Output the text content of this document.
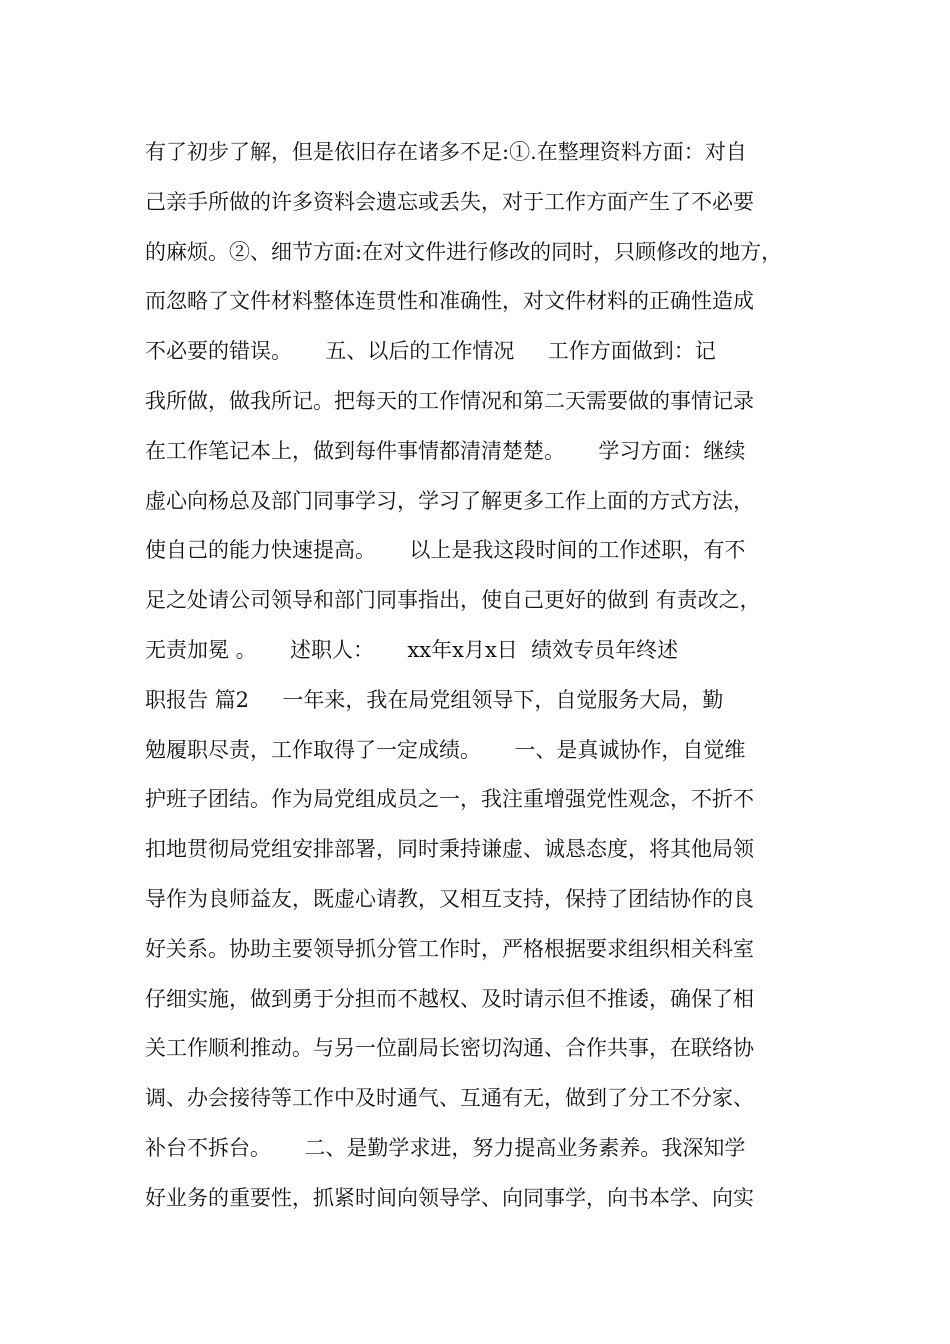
有了初步了解，但是依旧存在诸多不足:①.在整理资料方面：对自
己亲手所做的许多资料会遗忘或丢失，对于工作方面产生了不必要
的麻烦。②、细节方面:在对文件进行修改的同时，只顾修改的地方，
而忽略了文件材料整体连贯性和准确性，对文件材料的正确性造成
不必要的错误。     五、以后的工作情况     工作方面做到：记
我所做，做我所记。把每天的工作情况和第二天需要做的事情记录
在工作笔记本上，做到每件事情都清清楚楚。     学习方面：继续
虚心向杨总及部门同事学习，学习了解更多工作上面的方式方法，
使自己的能力快速提高。     以上是我这段时间的工作述职，有不
足之处请公司领导和部门同事指出，使自己更好的做到 有责改之，
无责加冕 。     述职人：     xx年x月x日  绩效专员年终述
职报告 篇2     一年来，我在局党组领导下，自觉服务大局，勤
勉履职尽责，工作取得了一定成绩。     一、是真诚协作，自觉维
护班子团结。作为局党组成员之一，我注重增强党性观念，不折不
扣地贯彻局党组安排部署，同时秉持谦虚、诚恳态度，将其他局领
导作为良师益友，既虚心请教，又相互支持，保持了团结协作的良
好关系。协助主要领导抓分管工作时，严格根据要求组织相关科室
仔细实施，做到勇于分担而不越权、及时请示但不推诿，确保了相
关工作顺利推动。与另一位副局长密切沟通、合作共事，在联络协
调、办会接待等工作中及时通气、互通有无，做到了分工不分家、
补台不拆台。     二、是勤学求进，努力提高业务素养。我深知学
好业务的重要性，抓紧时间向领导学、向同事学，向书本学、向实
